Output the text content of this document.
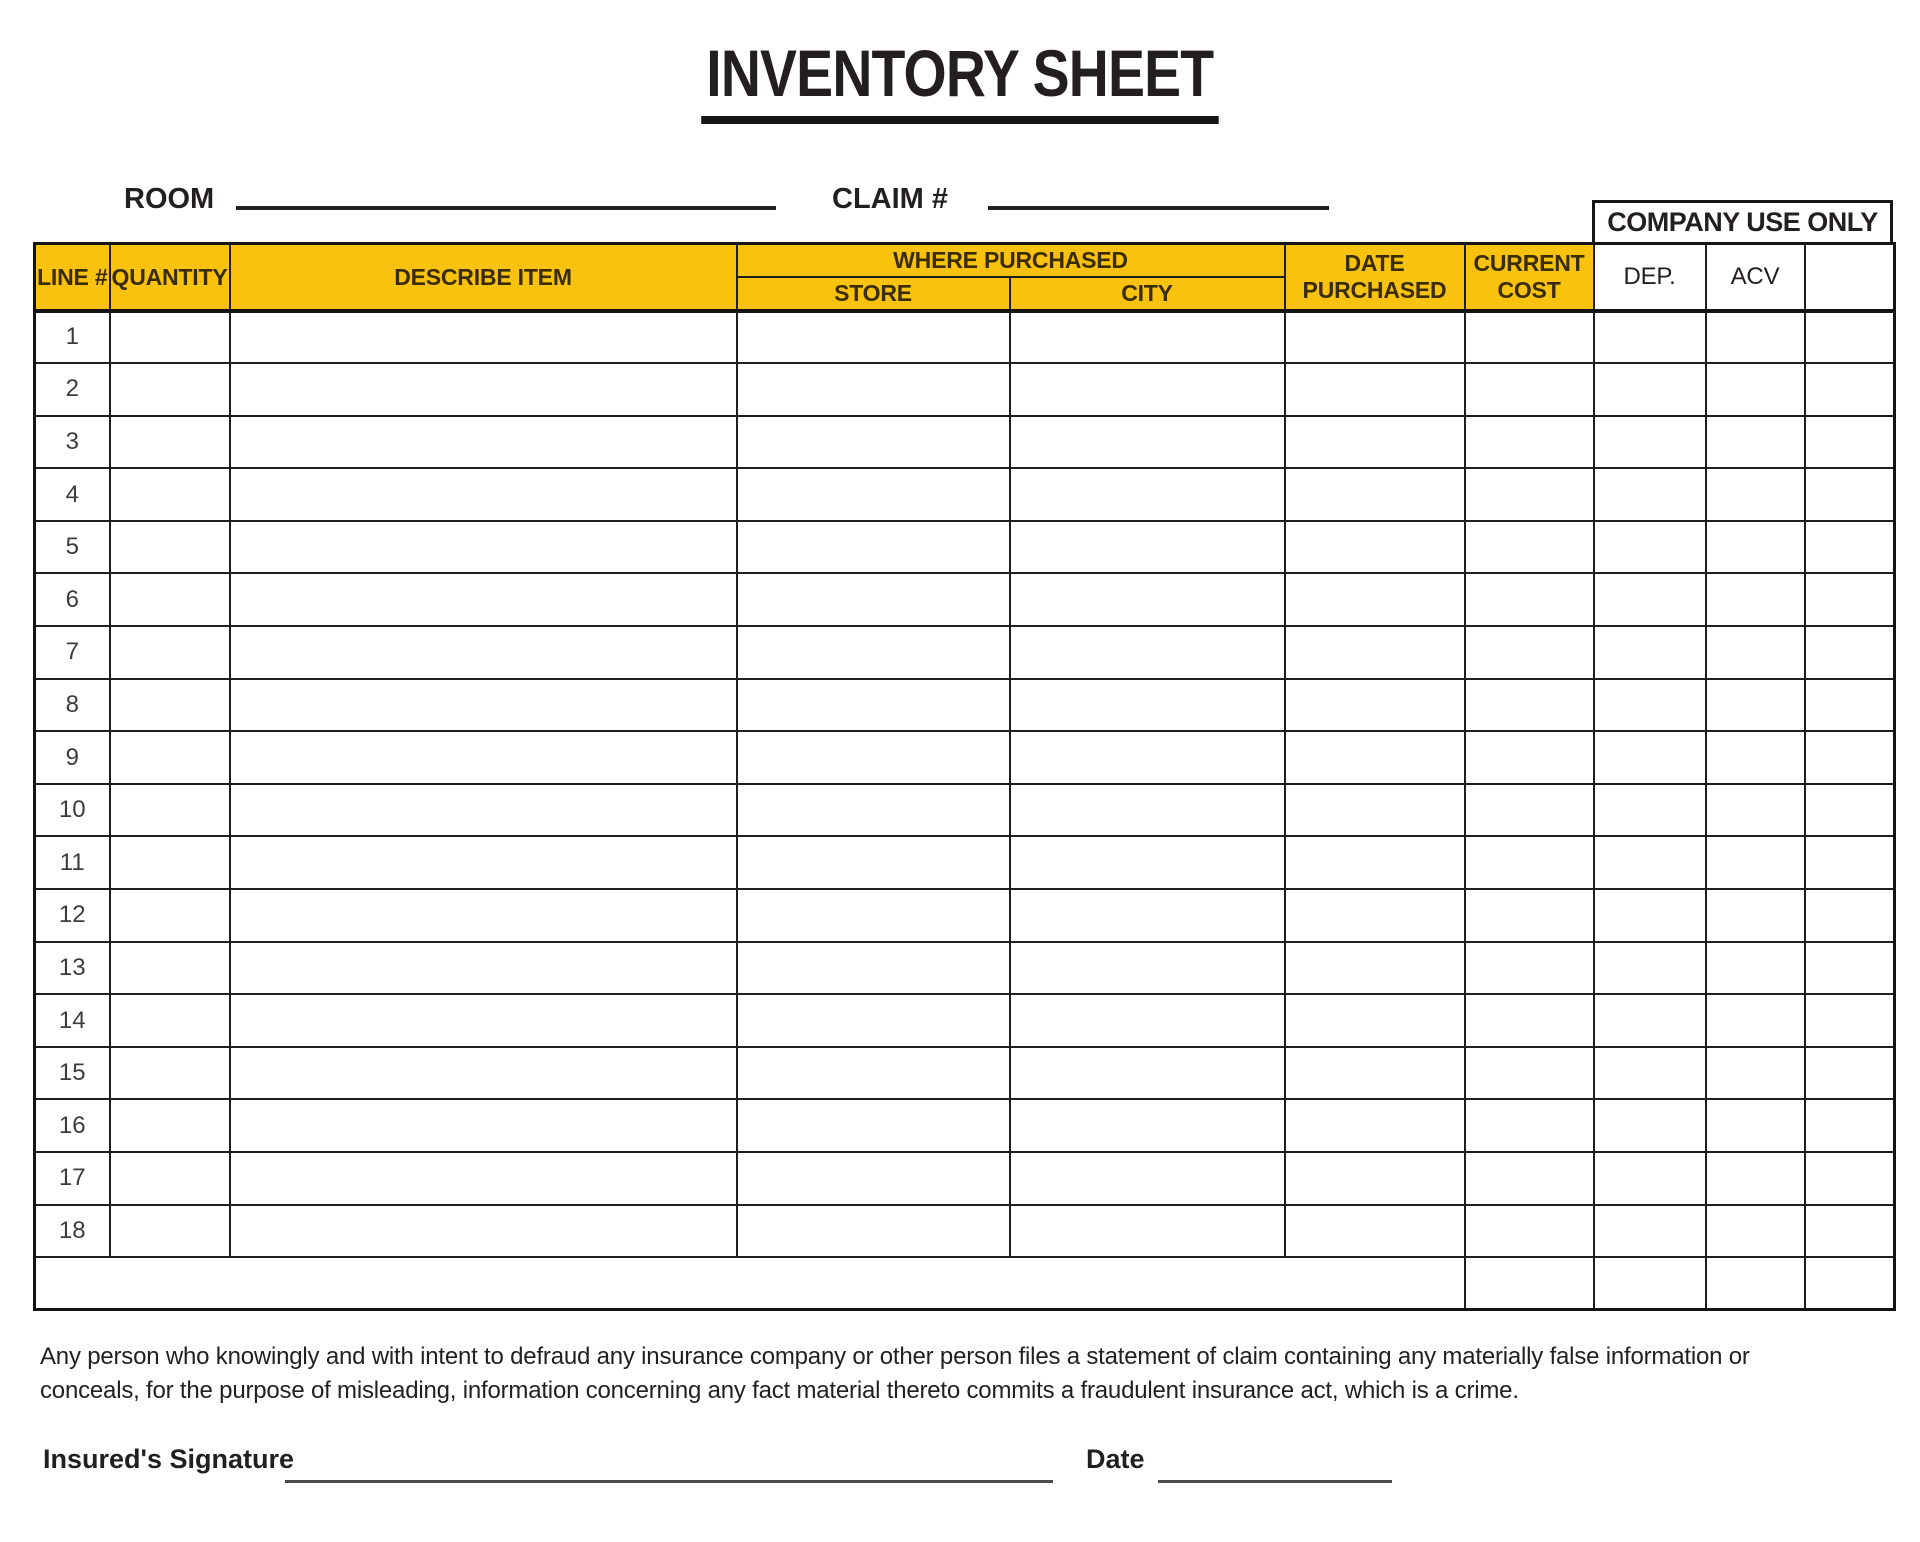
INVENTORY SHEET
ROOM	CLAIM #
COMPANY USE ONLY
LINE #	QUANTITY	DESCRIBE ITEM	WHERE PURCHASED		DATE PURCHASED	CURRENT COST	DEP.	ACV	
			STORE	CITY					
1									
2									
3									
4									
5									
6									
7									
8									
9									
10									
11									
12									
13									
14									
15									
16									
17									
18									

Any person who knowingly and with intent to defraud any insurance company or other person files a statement of claim containing any materially false information or
conceals, for the purpose of misleading, information concerning any fact material thereto commits a fraudulent insurance act, which is a crime.
Insured's Signature	Date
